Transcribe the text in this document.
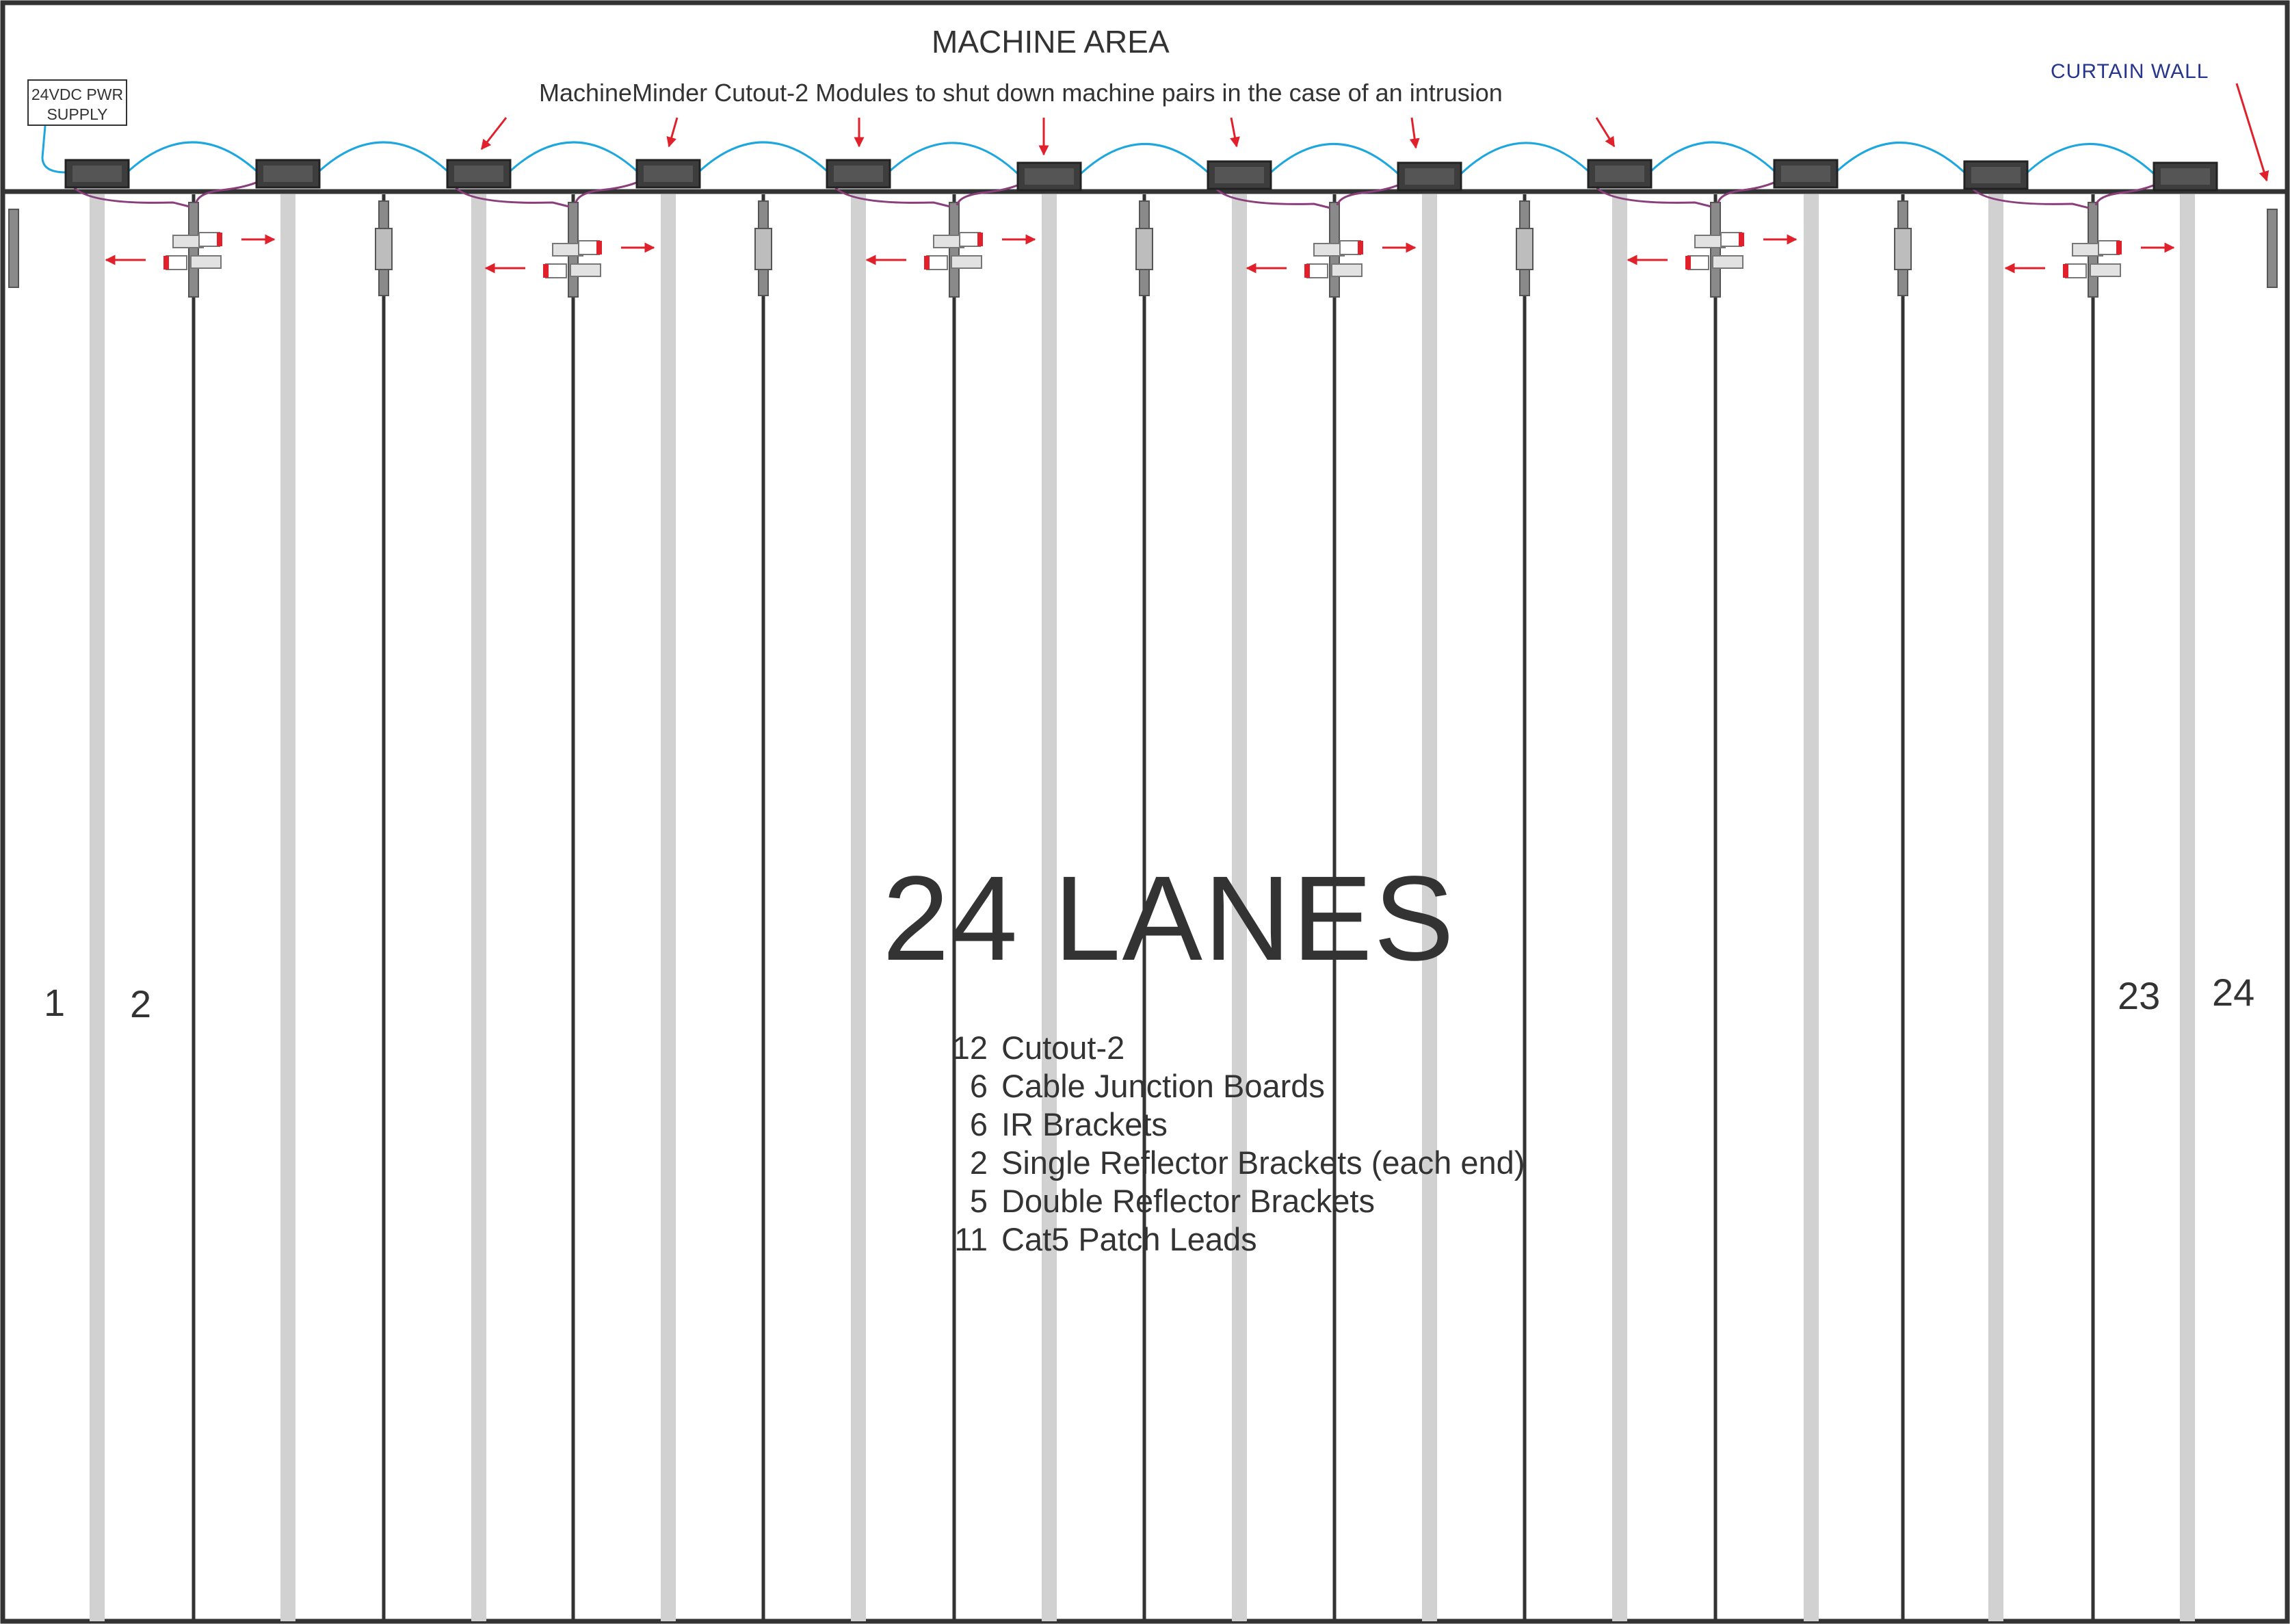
MACHINE AREA
MachineMinder Cutout-2 Modules to shut down machine pairs in the case of an intrusion
CURTAIN WALL
24VDC PWR
SUPPLY
24 LANES
1 2	23 24
12 Cutout-2
6 Cable Junction Boards
6 IR Brackets
2 Single Reflector Brackets (each end)
5 Double Reflector Brackets
11 Cat5 Patch Leads
